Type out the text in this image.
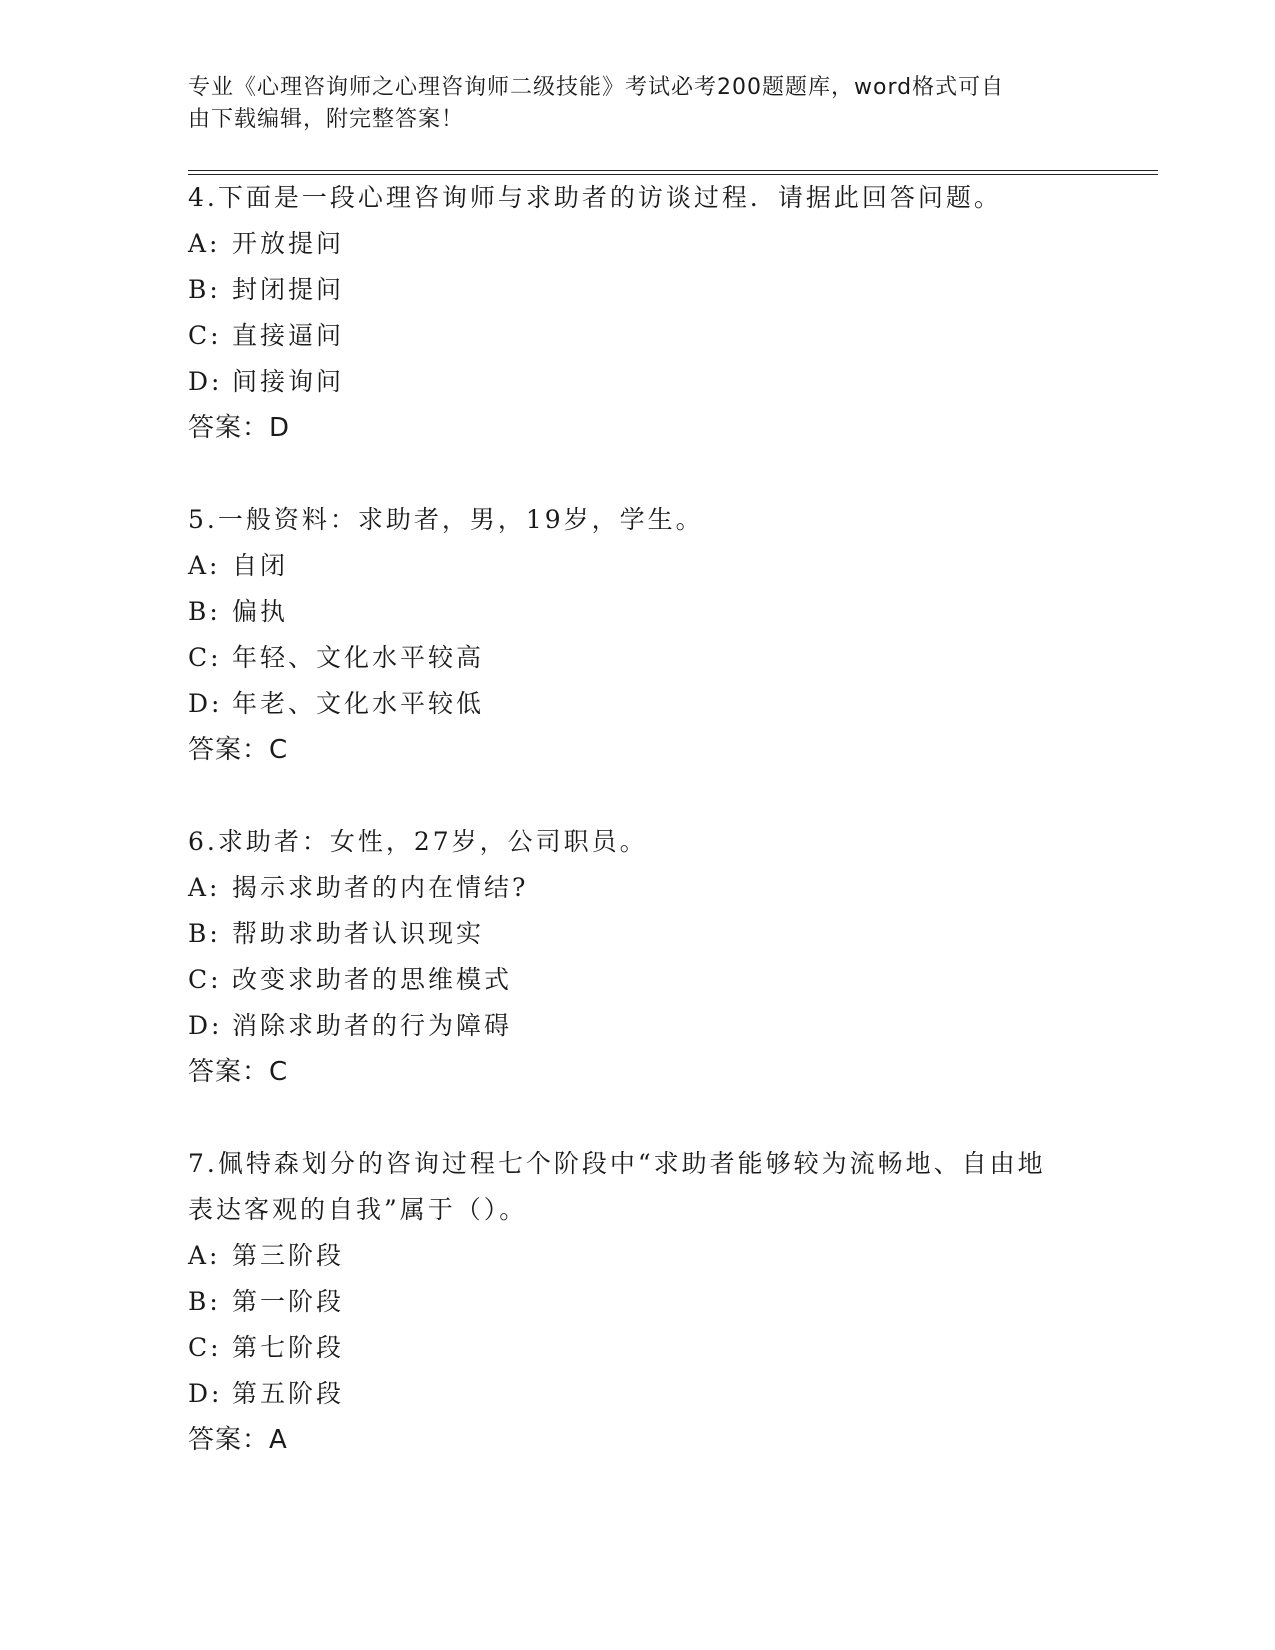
专业《心理咨询师之心理咨询师二级技能》考试必考200题题库，word格式可自
由下载编辑，附完整答案！

4.下面是一段心理咨询师与求助者的访谈过程．请据此回答问题。

A: 开放提问

B: 封闭提问

C: 直接逼问

D: 间接询问

答案：D

5.一般资料：求助者，男，19岁，学生。

A: 自闭

B: 偏执

C: 年轻、文化水平较高

D: 年老、文化水平较低

答案：C

6.求助者：女性，27岁，公司职员。

A: 揭示求助者的内在情结?

B: 帮助求助者认识现实

C: 改变求助者的思维模式

D: 消除求助者的行为障碍

答案：C

7.佩特森划分的咨询过程七个阶段中“求助者能够较为流畅地、自由地表达客观的自我”属于（）。

A: 第三阶段

B: 第一阶段

C: 第七阶段

D: 第五阶段

答案：A
